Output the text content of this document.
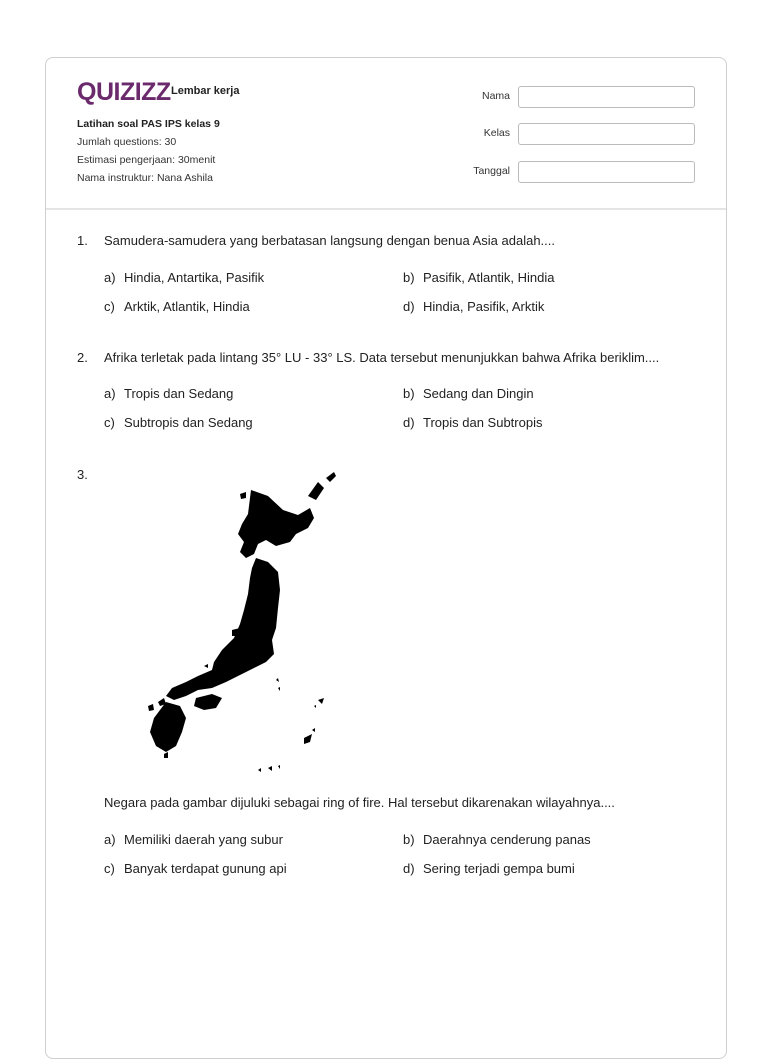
QUIZIZZ Lembar kerja
Latihan soal PAS IPS kelas 9
Jumlah questions: 30
Estimasi pengerjaan: 30menit
Nama instruktur: Nana Ashila
Nama
Kelas
Tanggal
1. Samudera-samudera yang berbatasan langsung dengan benua Asia adalah....
a) Hindia, Antartika, Pasifik	b) Pasifik, Atlantik, Hindia
c) Arktik, Atlantik, Hindia	d) Hindia, Pasifik, Arktik
2. Afrika terletak pada lintang 35° LU - 33° LS. Data tersebut menunjukkan bahwa Afrika beriklim....
a) Tropis dan Sedang	b) Sedang dan Dingin
c) Subtropis dan Sedang	d) Tropis dan Subtropis
3.
Negara pada gambar dijuluki sebagai ring of fire. Hal tersebut dikarenakan wilayahnya....
a) Memiliki daerah yang subur	b) Daerahnya cenderung panas
c) Banyak terdapat gunung api	d) Sering terjadi gempa bumi
